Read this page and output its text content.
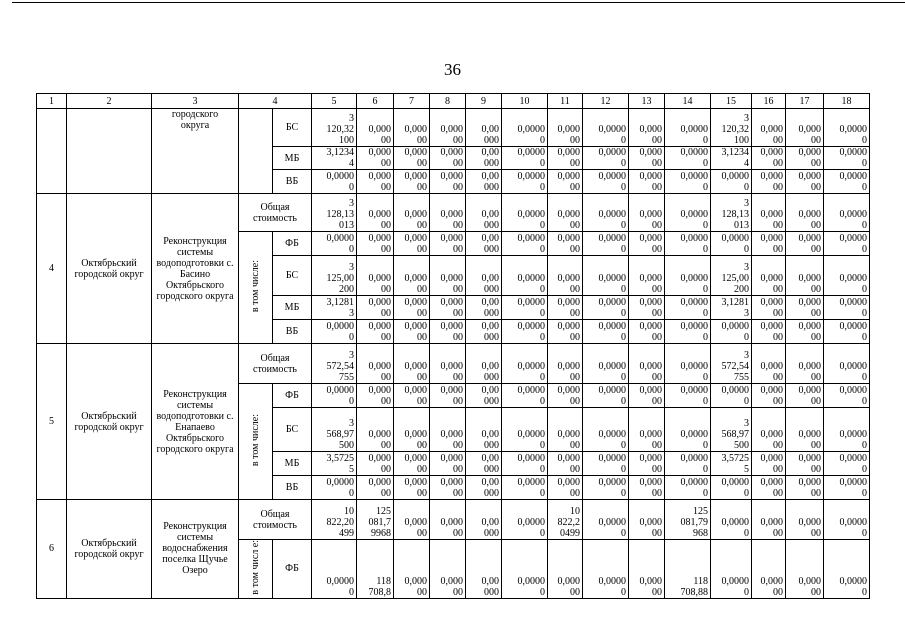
36
1	2	3	4		5	6	7	8	9	10	11	12	13	14	15	16	17	18
		городского
округа		БС	3
120,32
100	0,000
00	0,000
00	0,000
00	0,00
000	0,0000
0	0,000
00	0,0000
0	0,000
00	0,0000
0	3
120,32
100	0,000
00	0,000
00	0,0000
0
				МБ	3,1234
4	0,000
00	0,000
00	0,000
00	0,00
000	0,0000
0	0,000
00	0,0000
0	0,000
00	0,0000
0	3,1234
4	0,000
00	0,000
00	0,0000
0
				ВБ	0,0000
0	0,000
00	0,000
00	0,000
00	0,00
000	0,0000
0	0,000
00	0,0000
0	0,000
00	0,0000
0	0,0000
0	0,000
00	0,000
00	0,0000
0
4	Октябрьский городской округ	Реконструкция системы водоподготовки с. Басино Октябрьского городского округа	Общая стоимость		3
128,13
013	0,000
00	0,000
00	0,000
00	0,00
000	0,0000
0	0,000
00	0,0000
0	0,000
00	0,0000
0	3
128,13
013	0,000
00	0,000
00	0,0000
0
			в том числе:	ФБ	0,0000
0	0,000
00	0,000
00	0,000
00	0,00
000	0,0000
0	0,000
00	0,0000
0	0,000
00	0,0000
0	0,0000
0	0,000
00	0,000
00	0,0000
0
				БС	3
125,00
200	0,000
00	0,000
00	0,000
00	0,00
000	0,0000
0	0,000
00	0,0000
0	0,000
00	0,0000
0	3
125,00
200	0,000
00	0,000
00	0,0000
0
				МБ	3,1281
3	0,000
00	0,000
00	0,000
00	0,00
000	0,0000
0	0,000
00	0,0000
0	0,000
00	0,0000
0	3,1281
3	0,000
00	0,000
00	0,0000
0
				ВБ	0,0000
0	0,000
00	0,000
00	0,000
00	0,00
000	0,0000
0	0,000
00	0,0000
0	0,000
00	0,0000
0	0,0000
0	0,000
00	0,000
00	0,0000
0
5	Октябрьский городской округ	Реконструкция системы водоподготовки с. Енапаево Октябрьского городского округа	Общая стоимость		3
572,54
755	0,000
00	0,000
00	0,000
00	0,00
000	0,0000
0	0,000
00	0,0000
0	0,000
00	0,0000
0	3
572,54
755	0,000
00	0,000
00	0,0000
0
			в том числе:	ФБ	0,0000
0	0,000
00	0,000
00	0,000
00	0,00
000	0,0000
0	0,000
00	0,0000
0	0,000
00	0,0000
0	0,0000
0	0,000
00	0,000
00	0,0000
0
				БС	3
568,97
500	0,000
00	0,000
00	0,000
00	0,00
000	0,0000
0	0,000
00	0,0000
0	0,000
00	0,0000
0	3
568,97
500	0,000
00	0,000
00	0,0000
0
				МБ	3,5725
5	0,000
00	0,000
00	0,000
00	0,00
000	0,0000
0	0,000
00	0,0000
0	0,000
00	0,0000
0	3,5725
5	0,000
00	0,000
00	0,0000
0
				ВБ	0,0000
0	0,000
00	0,000
00	0,000
00	0,00
000	0,0000
0	0,000
00	0,0000
0	0,000
00	0,0000
0	0,0000
0	0,000
00	0,000
00	0,0000
0
6	Октябрьский городской округ	Реконструкция системы водоснабжения поселка Щучье Озеро	Общая стоимость		10
822,20
499	125
081,7
9968	0,000
00	0,000
00	0,00
000	0,0000
0	10
822,2
0499	0,0000
0	0,000
00	125
081,79
968	0,0000
0	0,000
00	0,000
00	0,0000
0
			в том числ е:	ФБ	0,0000
0	118
708,8	0,000
00	0,000
00	0,00
000	0,0000
0	0,000
00	0,0000
0	0,000
00	118
708,88	0,0000
0	0,000
00	0,000
00	0,0000
0
